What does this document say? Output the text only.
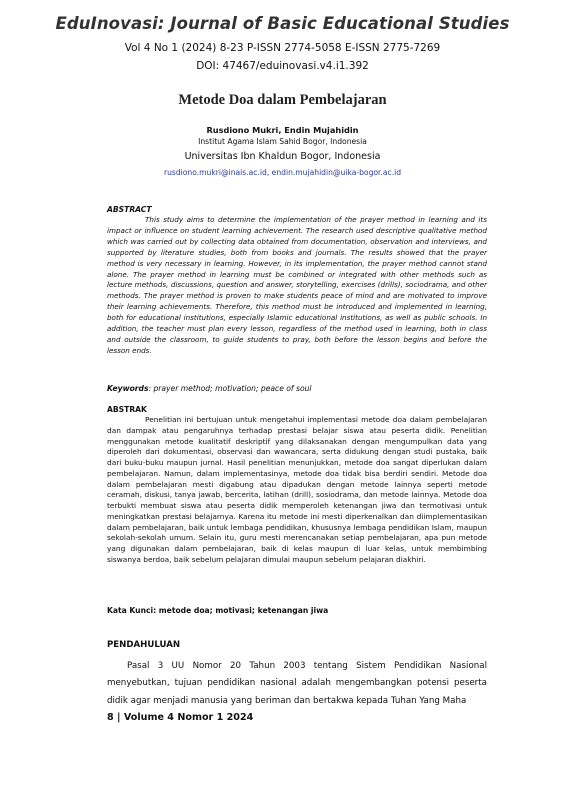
EduInovasi: Journal of Basic Educational Studies
Vol 4 No 1 (2024) 8-23 P-ISSN 2774-5058 E-ISSN 2775-7269
DOI: 47467/eduinovasi.v4.i1.392
Metode Doa dalam Pembelajaran
Rusdiono Mukri, Endin Mujahidin
Institut Agama Islam Sahid Bogor, Indonesia
Universitas Ibn Khaldun Bogor, Indonesia
rusdiono.mukri@inais.ac.id, endin.mujahidin@uika-bogor.ac.id
ABSTRACT

This study aims to determine the implementation of the prayer method in learning and its impact or influence on student learning achievement. The research used descriptive qualitative method which was carried out by collecting data obtained from documentation, observation and interviews, and supported by literature studies, both from books and journals. The results showed that the prayer method is very necessary in learning. However, in its implementation, the prayer method cannot stand alone. The prayer method in learning must be combined or integrated with other methods such as lecture methods, discussions, question and answer, storytelling, exercises (drills), sociodrama, and other methods. The prayer method is proven to make students peace of mind and are motivated to improve their learning achievements. Therefore, this method must be introduced and implemented in learning, both for educational institutions, especially Islamic educational institutions, as well as public schools. In addition, the teacher must plan every lesson, regardless of the method used in learning, both in class and outside the classroom, to guide students to pray, both before the lesson begins and before the lesson ends.

Keywords: prayer method; motivation; peace of soul
ABSTRAK

Penelitian ini bertujuan untuk mengetahui implementasi metode doa dalam pembelajaran dan dampak atau pengaruhnya terhadap prestasi belajar siswa atau peserta didik. Penelitian menggunakan metode kualitatif deskriptif yang dilaksanakan dengan mengumpulkan data yang diperoleh dari dokumentasi, observasi dan wawancara, serta didukung dengan studi pustaka, baik dari buku-buku maupun jurnal. Hasil penelitian menunjukkan, metode doa sangat diperlukan dalam pembelajaran. Namun, dalam implementasinya, metode doa tidak bisa berdiri sendiri. Metode doa dalam pembelajaran mesti digabung atau dipadukan dengan metode lainnya seperti metode ceramah, diskusi, tanya jawab, bercerita, latihan (drill), sosiodrama, dan metode lainnya. Metode doa terbukti membuat siswa atau peserta didik memperoleh ketenangan jiwa dan termotivasi untuk meningkatkan prestasi belajarnya. Karena itu metode ini mesti diperkenalkan dan diimplementasikan dalam pembelajaran, baik untuk lembaga pendidikan, khususnya lembaga pendidikan Islam, maupun sekolah-sekolah umum. Selain itu, guru mesti merencanakan setiap pembelajaran, apa pun metode yang digunakan dalam pembelajaran, baik di kelas maupun di luar kelas, untuk membimbing siswanya berdoa, baik sebelum pelajaran dimulai maupun sebelum pelajaran diakhiri.

Kata Kunci: metode doa; motivasi; ketenangan jiwa
PENDAHULUAN

Pasal 3 UU Nomor 20 Tahun 2003 tentang Sistem Pendidikan Nasional menyebutkan, tujuan pendidikan nasional adalah mengembangkan potensi peserta didik agar menjadi manusia yang beriman dan bertakwa kepada Tuhan Yang Maha

8 | Volume 4 Nomor 1 2024
